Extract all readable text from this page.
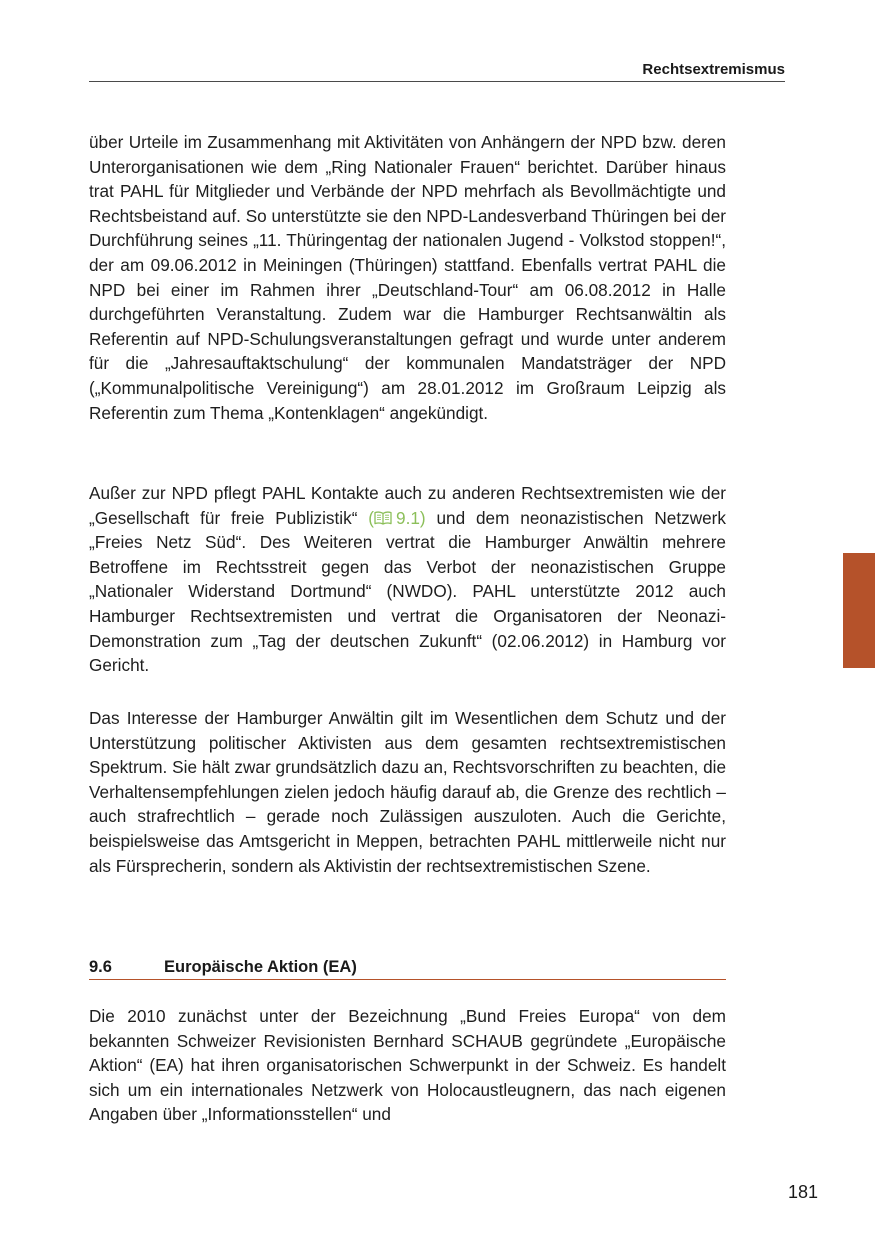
Rechtsextremismus

über Urteile im Zusammenhang mit Aktivitäten von Anhängern der NPD bzw. deren Unterorganisationen wie dem „Ring Nationaler Frauen“ berichtet. Darüber hinaus trat PAHL für Mitglieder und Verbände der NPD mehrfach als Bevollmächtigte und Rechtsbeistand auf. So unterstützte sie den NPD-Landesverband Thüringen bei der Durchführung seines „11. Thüringentag der nationalen Jugend - Volkstod stoppen!“, der am 09.06.2012 in Meiningen (Thüringen) stattfand. Ebenfalls vertrat PAHL die NPD bei einer im Rahmen ihrer „Deutschland-Tour“ am 06.08.2012 in Halle durchgeführten Veranstaltung. Zudem war die Hamburger Rechtsanwältin als Referentin auf NPD-Schulungsveranstaltungen gefragt und wurde unter anderem für die „Jahresauftaktschulung“ der kommunalen Mandatsträger der NPD („Kommunalpolitische Vereinigung“) am 28.01.2012 im Großraum Leipzig als Referentin zum Thema „Kontenklagen“ angekündigt.

Außer zur NPD pflegt PAHL Kontakte auch zu anderen Rechtsextremisten wie der „Gesellschaft für freie Publizistik“ ( 9.1) und dem neonazistischen Netzwerk „Freies Netz Süd“. Des Weiteren vertrat die Hamburger Anwältin mehrere Betroffene im Rechtsstreit gegen das Verbot der neonazistischen Gruppe „Nationaler Widerstand Dortmund“ (NWDO). PAHL unterstützte 2012 auch Hamburger Rechtsextremisten und vertrat die Organisatoren der Neonazi-Demonstration zum „Tag der deutschen Zukunft“ (02.06.2012) in Hamburg vor Gericht.

Das Interesse der Hamburger Anwältin gilt im Wesentlichen dem Schutz und der Unterstützung politischer Aktivisten aus dem gesamten rechtsextremistischen Spektrum. Sie hält zwar grundsätzlich dazu an, Rechtsvorschriften zu beachten, die Verhaltensempfehlungen zielen jedoch häufig darauf ab, die Grenze des rechtlich – auch strafrechtlich – gerade noch Zulässigen auszuloten. Auch die Gerichte, beispielsweise das Amtsgericht in Meppen, betrachten PAHL mittlerweile nicht nur als Fürsprecherin, sondern als Aktivistin der rechtsextremistischen Szene.

9.6	Europäische Aktion (EA)

Die 2010 zunächst unter der Bezeichnung „Bund Freies Europa“ von dem bekannten Schweizer Revisionisten Bernhard SCHAUB gegründete „Europäische Aktion“ (EA) hat ihren organisatorischen Schwerpunkt in der Schweiz. Es handelt sich um ein internationales Netzwerk von Holocaustleugnern, das nach eigenen Angaben über „Informationsstellen“ und

181
